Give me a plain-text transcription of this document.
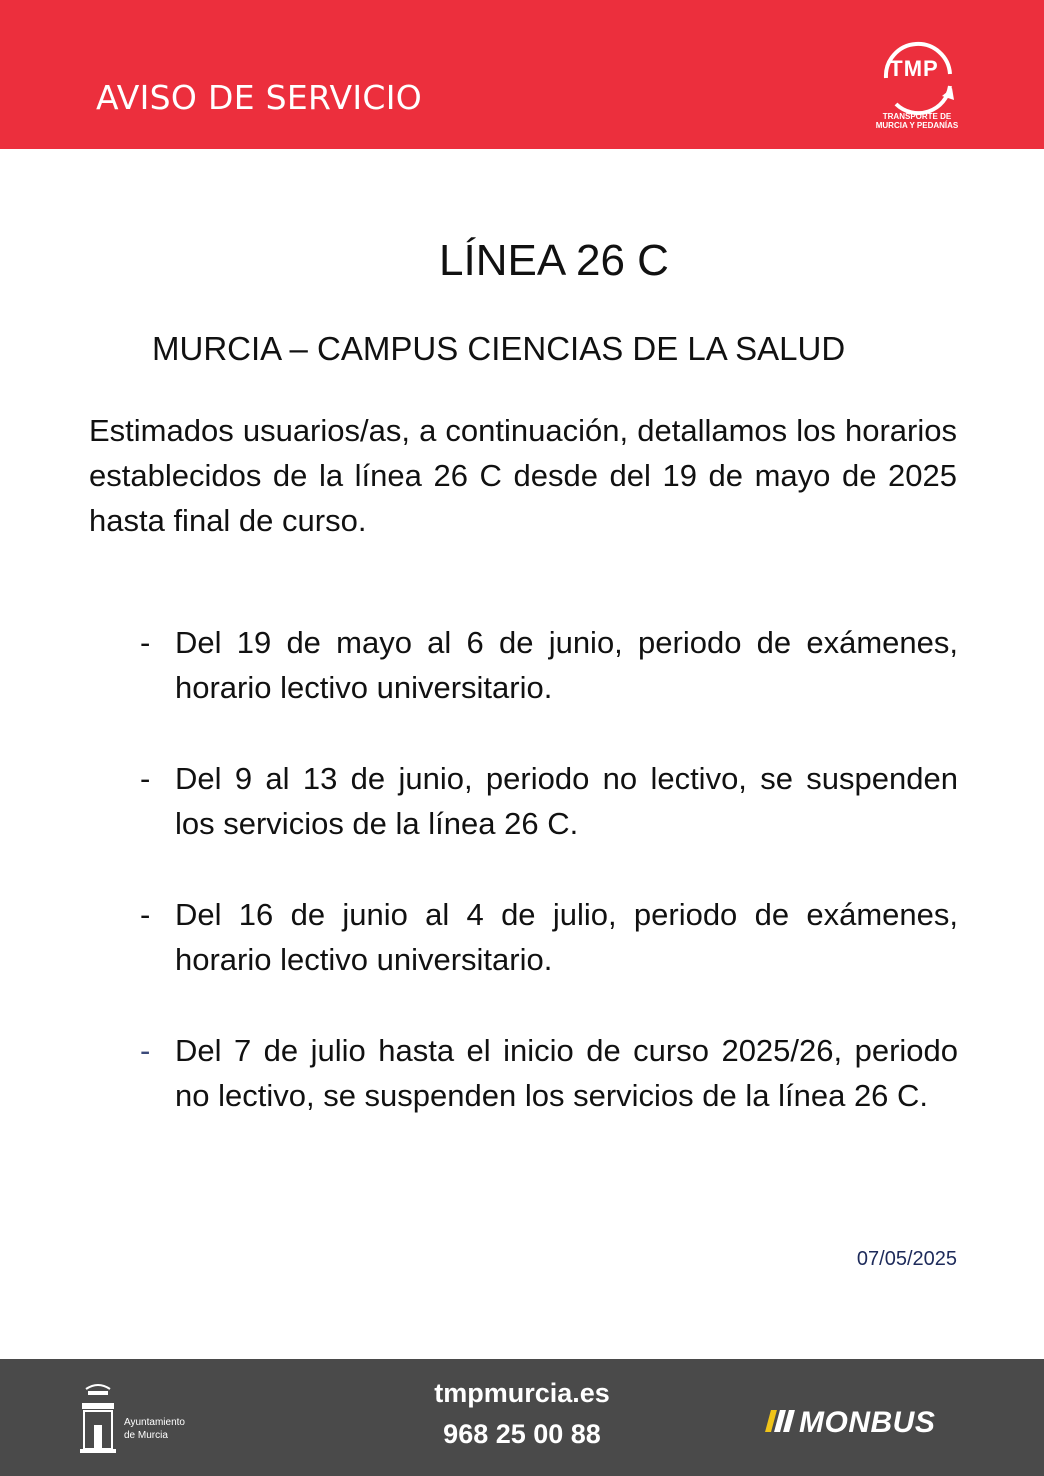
AVISO DE SERVICIO
TMP
TRANSPORTE DE
MURCIA Y PEDANÍAS
LÍNEA 26 C
MURCIA – CAMPUS CIENCIAS DE LA SALUD
Estimados usuarios/as, a continuación, detallamos los horarios establecidos de la línea 26 C desde del 19 de mayo de 2025 hasta final de curso.
- Del 19 de mayo al 6 de junio, periodo de exámenes, horario lectivo universitario.
- Del 9 al 13 de junio, periodo no lectivo, se suspenden los servicios de la línea 26 C.
- Del 16 de junio al 4 de julio, periodo de exámenes, horario lectivo universitario.
- Del 7 de julio hasta el inicio de curso 2025/26, periodo no lectivo, se suspenden los servicios de la línea 26 C.
07/05/2025
Ayuntamiento
de Murcia
tmpmurcia.es
968 25 00 88	MONBUS
